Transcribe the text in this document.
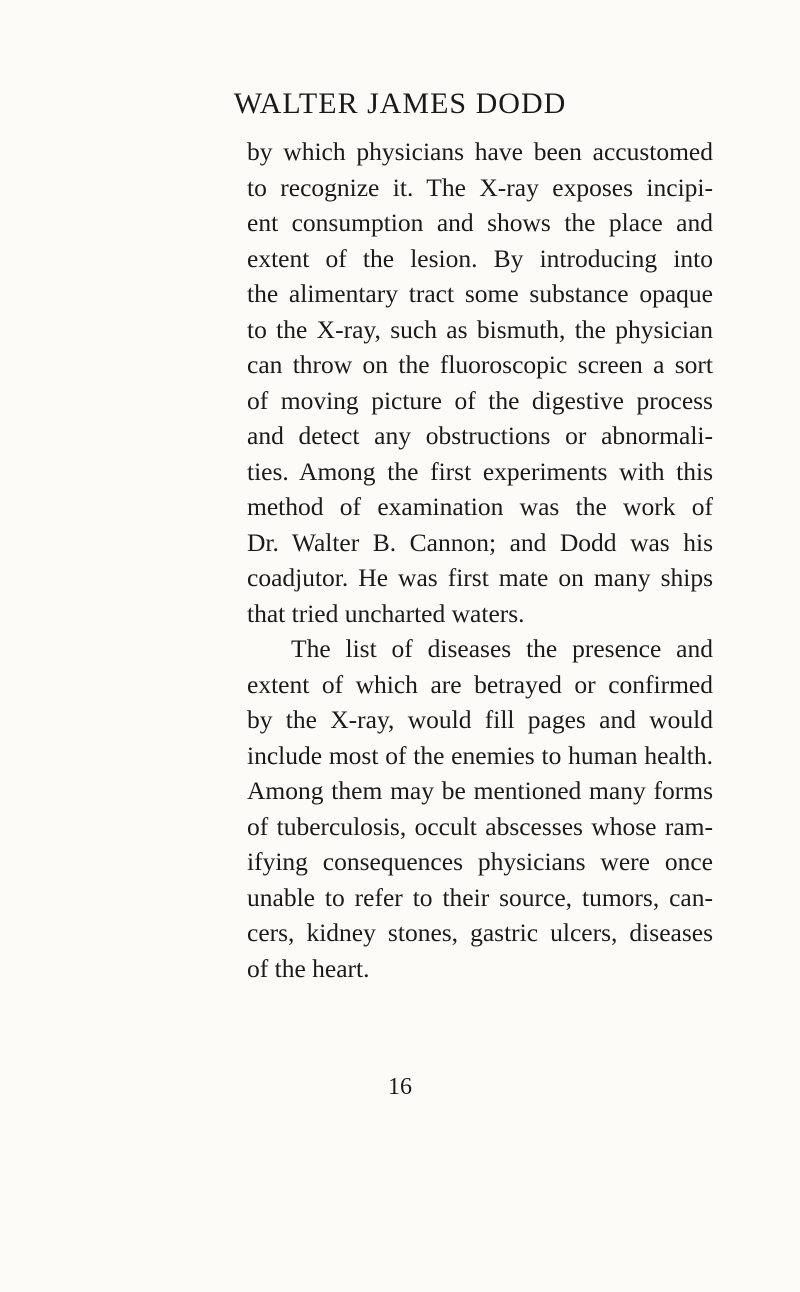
WALTER JAMES DODD
by which physicians have been accustomed
to recognize it. The X-ray exposes incipi-
ent consumption and shows the place and
extent of the lesion. By introducing into
the alimentary tract some substance opaque
to the X-ray, such as bismuth, the physician
can throw on the fluoroscopic screen a sort
of moving picture of the digestive process
and detect any obstructions or abnormali-
ties. Among the first experiments with this
method of examination was the work of
Dr. Walter B. Cannon; and Dodd was his
coadjutor. He was first mate on many ships
that tried uncharted waters.
The list of diseases the presence and
extent of which are betrayed or confirmed
by the X-ray, would fill pages and would
include most of the enemies to human health.
Among them may be mentioned many forms
of tuberculosis, occult abscesses whose ram-
ifying consequences physicians were once
unable to refer to their source, tumors, can-
cers, kidney stones, gastric ulcers, diseases
of the heart.
16
